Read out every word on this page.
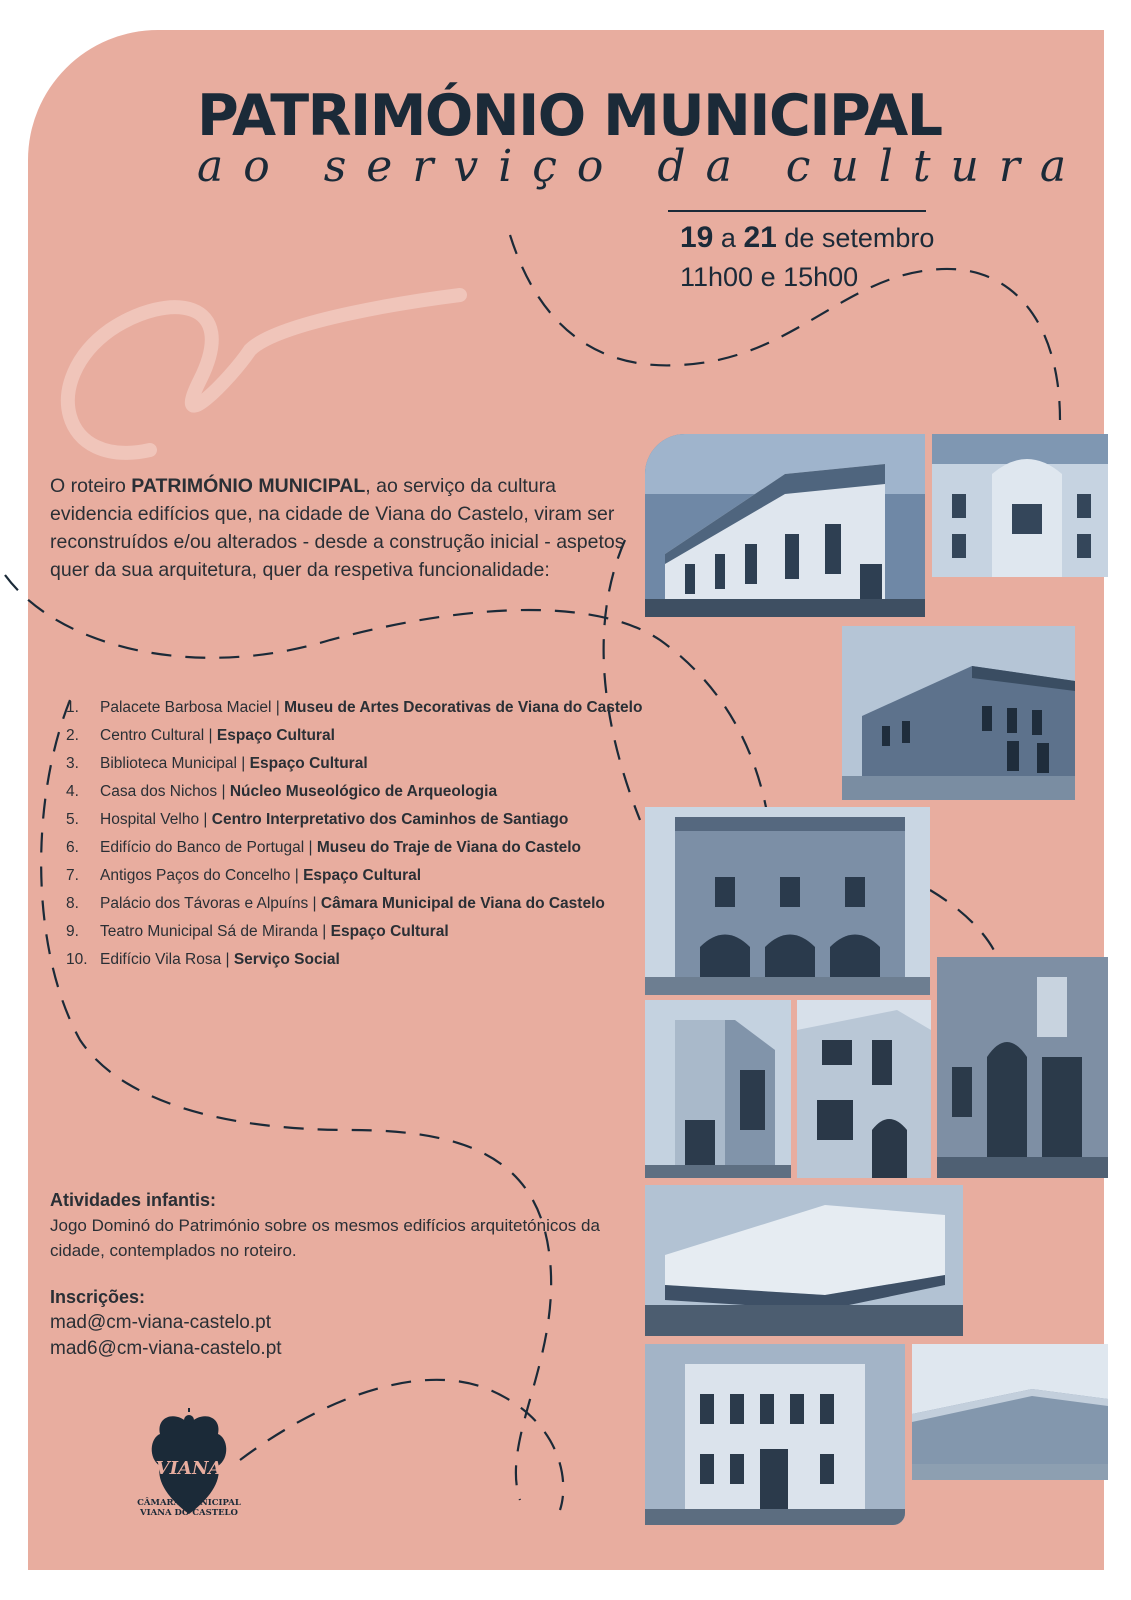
PATRIMÓNIO MUNICIPAL
ao serviço da cultura
19 a 21 de setembro
11h00 e 15h00
O roteiro PATRIMÓNIO MUNICIPAL, ao serviço da cultura evidencia edifícios que, na cidade de Viana do Castelo, viram ser reconstruídos e/ou alterados - desde a construção inicial - aspetos quer da sua arquitetura, quer da respetiva funcionalidade:
1. Palacete Barbosa Maciel | Museu de Artes Decorativas de Viana do Castelo
2. Centro Cultural | Espaço Cultural
3. Biblioteca Municipal | Espaço Cultural
4. Casa dos Nichos | Núcleo Museológico de Arqueologia
5. Hospital Velho | Centro Interpretativo dos Caminhos de Santiago
6. Edifício do Banco de Portugal | Museu do Traje de Viana do Castelo
7. Antigos Paços do Concelho | Espaço Cultural
8. Palácio dos Távoras e Alpuíns | Câmara Municipal de Viana do Castelo
9. Teatro Municipal Sá de Miranda | Espaço Cultural
10. Edifício Vila Rosa | Serviço Social
Atividades infantis:
Jogo Dominó do Património sobre os mesmos edifícios arquitetónicos da cidade, contemplados no roteiro.
Inscrições:
mad@cm-viana-castelo.pt
mad6@cm-viana-castelo.pt
VIANA
CÂMARA MUNICIPAL
VIANA DO CASTELO
